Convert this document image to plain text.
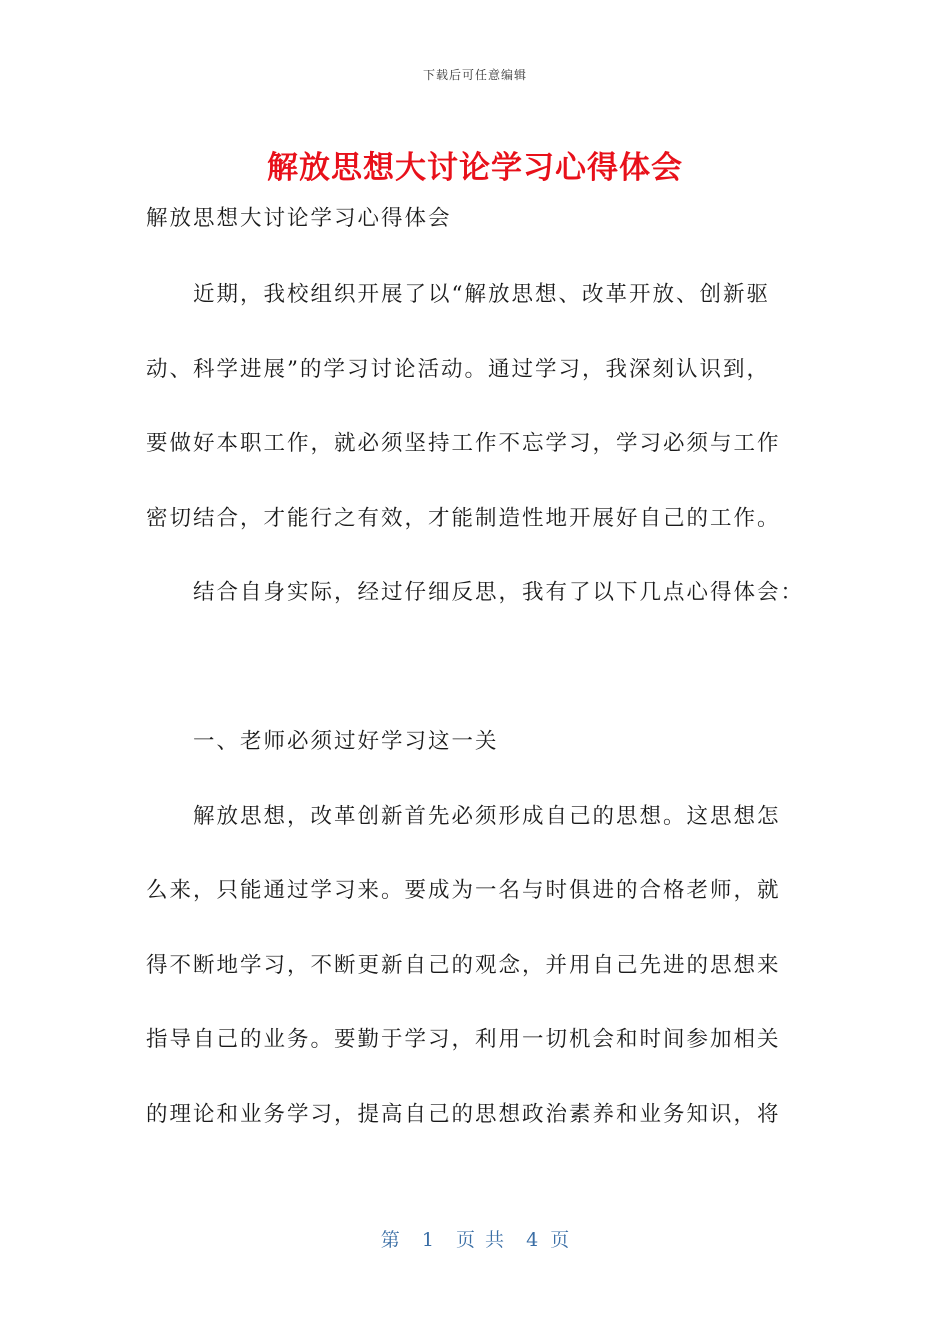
下载后可任意编辑
解放思想大讨论学习心得体会
解放思想大讨论学习心得体会
近期，我校组织开展了以“解放思想、改革开放、创新驱
动、科学进展”的学习讨论活动。通过学习，我深刻认识到，
要做好本职工作，就必须坚持工作不忘学习，学习必须与工作
密切结合，才能行之有效，才能制造性地开展好自己的工作。
结合自身实际，经过仔细反思，我有了以下几点心得体会：
一、老师必须过好学习这一关
解放思想，改革创新首先必须形成自己的思想。这思想怎
么来，只能通过学习来。要成为一名与时俱进的合格老师，就
得不断地学习，不断更新自己的观念，并用自己先进的思想来
指导自己的业务。要勤于学习，利用一切机会和时间参加相关
的理论和业务学习，提高自己的思想政治素养和业务知识，将
第 1 页 共 4 页
